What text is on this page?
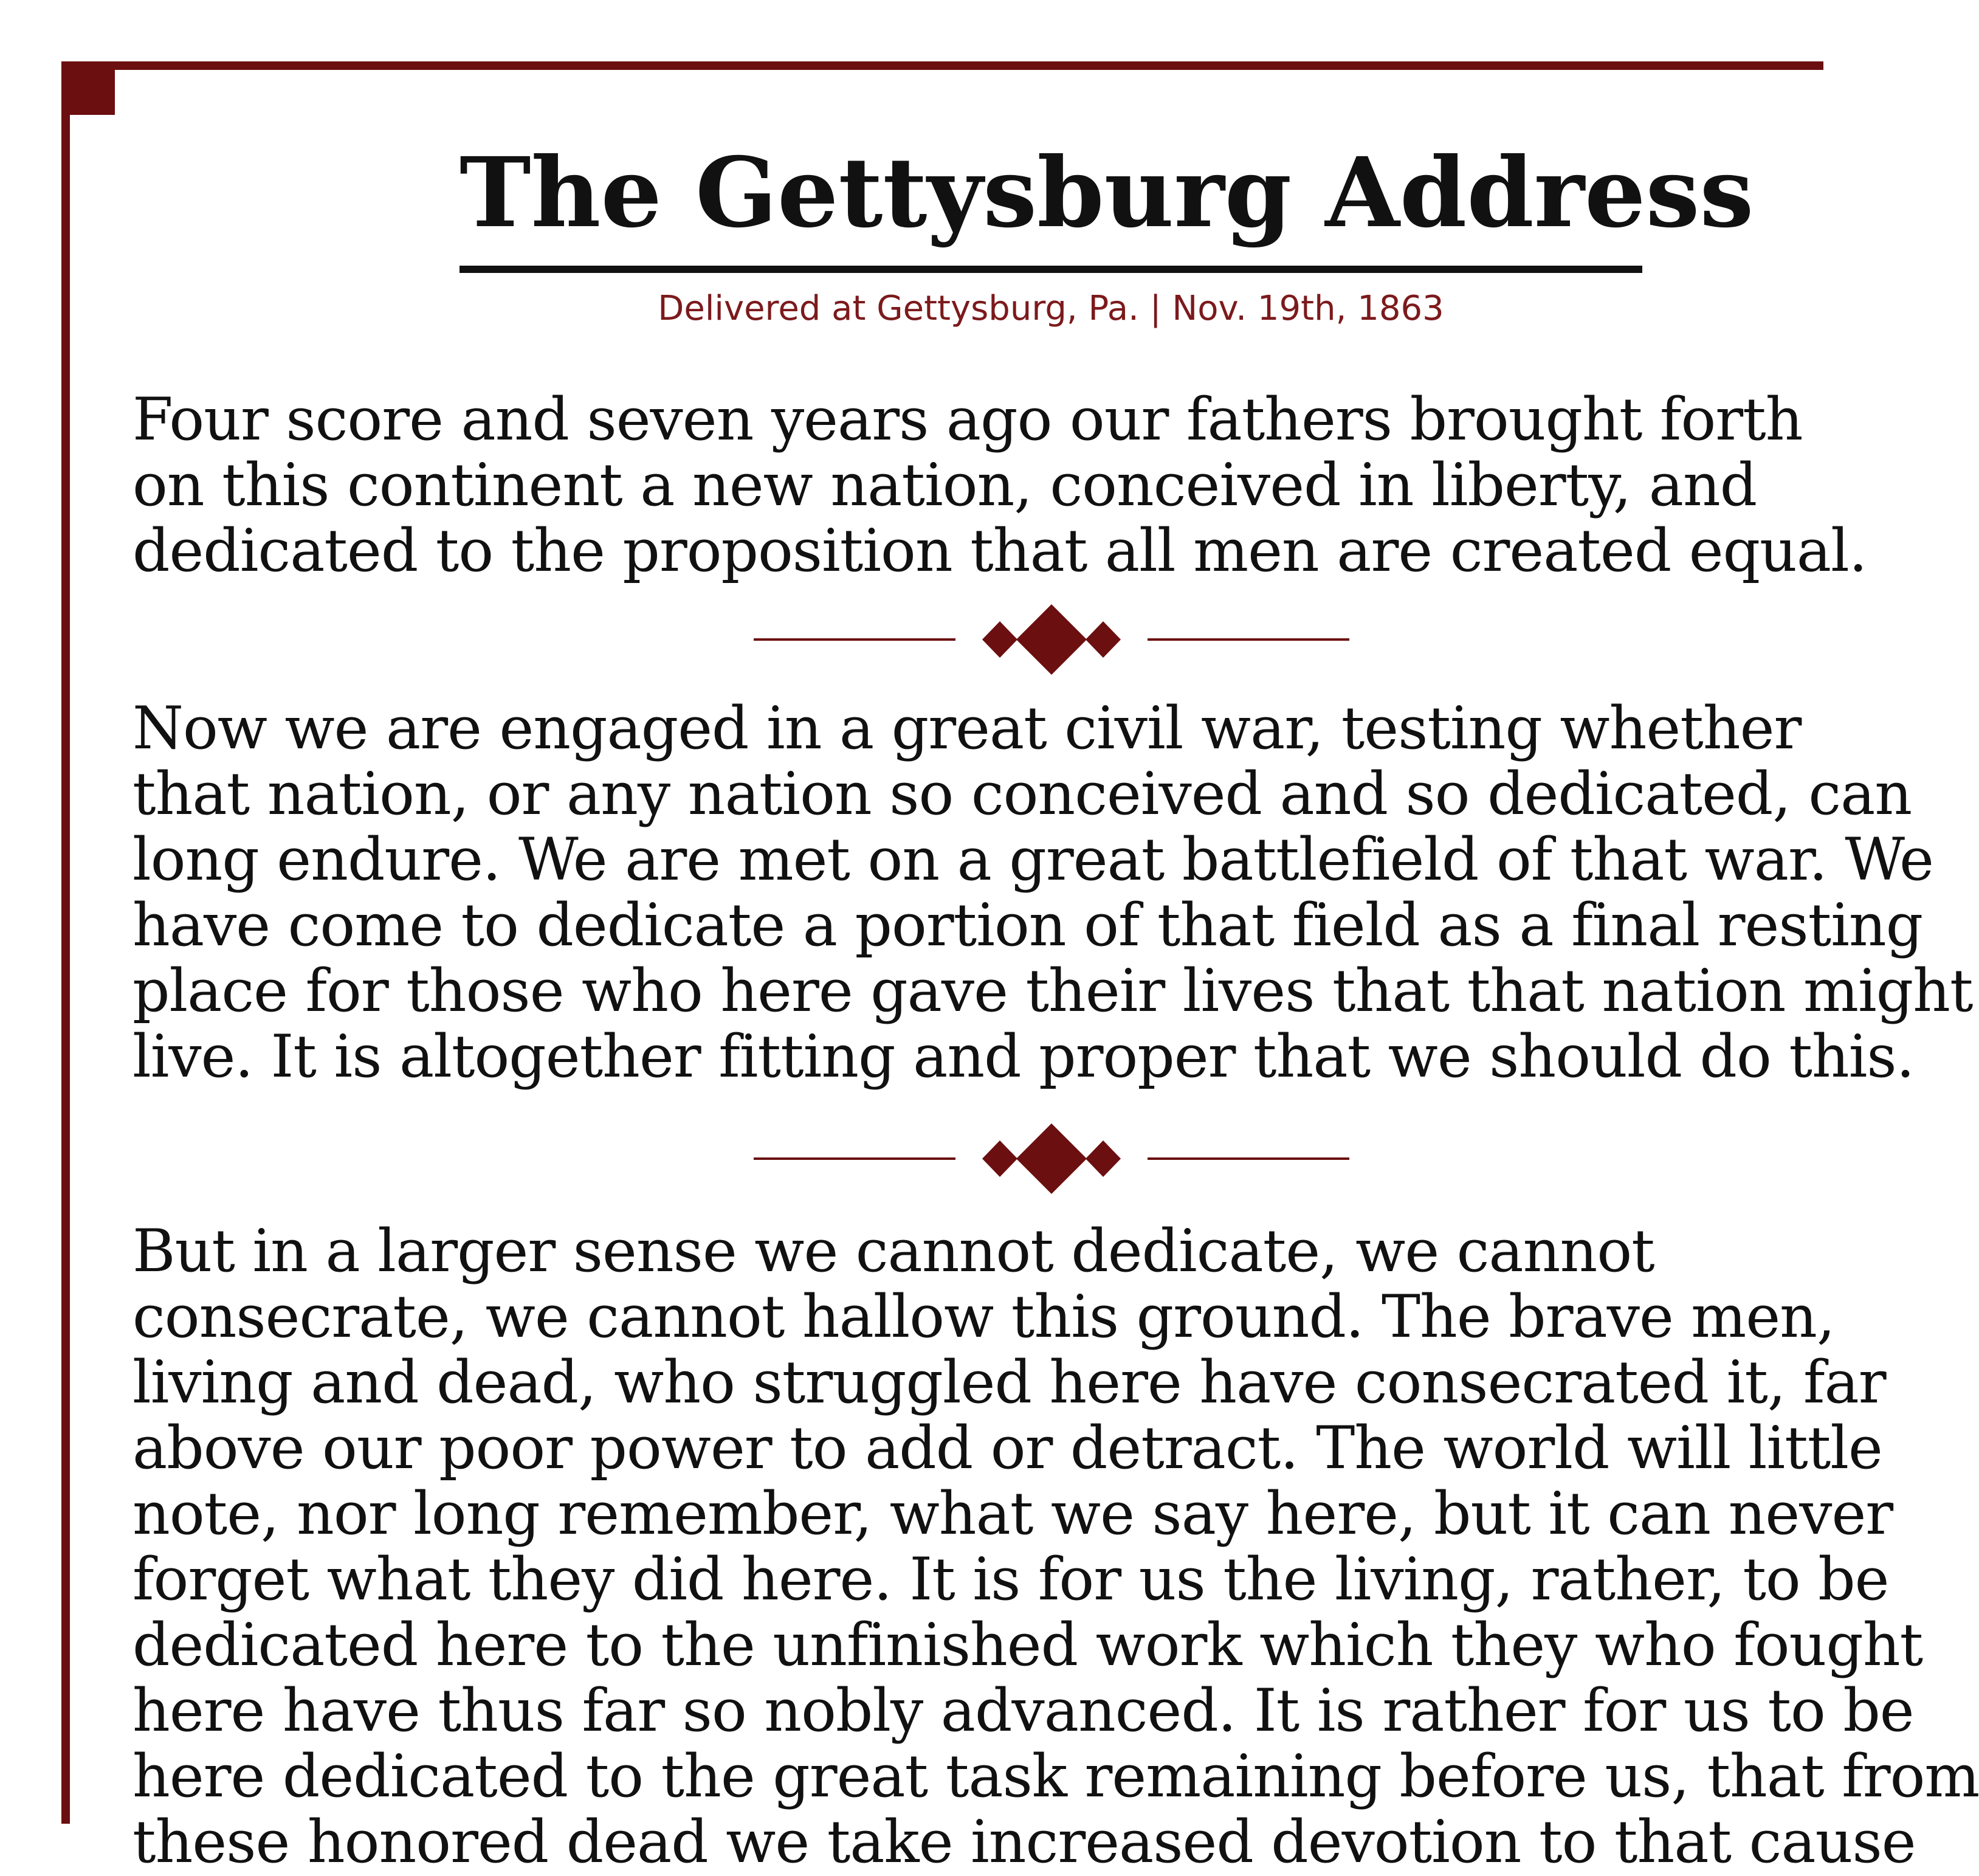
The Gettysburg Address
Delivered at Gettysburg, Pa. | Nov. 19th, 1863

Four score and seven years ago our fathers brought forth
on this continent a new nation, conceived in liberty, and
dedicated to the proposition that all men are created equal.

Now we are engaged in a great civil war, testing whether
that nation, or any nation so conceived and so dedicated, can
long endure. We are met on a great battlefield of that war. We
have come to dedicate a portion of that field as a final resting
place for those who here gave their lives that that nation might
live. It is altogether fitting and proper that we should do this.

But in a larger sense we cannot dedicate, we cannot
consecrate, we cannot hallow this ground. The brave men,
living and dead, who struggled here have consecrated it, far
above our poor power to add or detract. The world will little
note, nor long remember, what we say here, but it can never
forget what they did here. It is for us the living, rather, to be
dedicated here to the unfinished work which they who fought
here have thus far so nobly advanced. It is rather for us to be
here dedicated to the great task remaining before us, that from
these honored dead we take increased devotion to that cause
